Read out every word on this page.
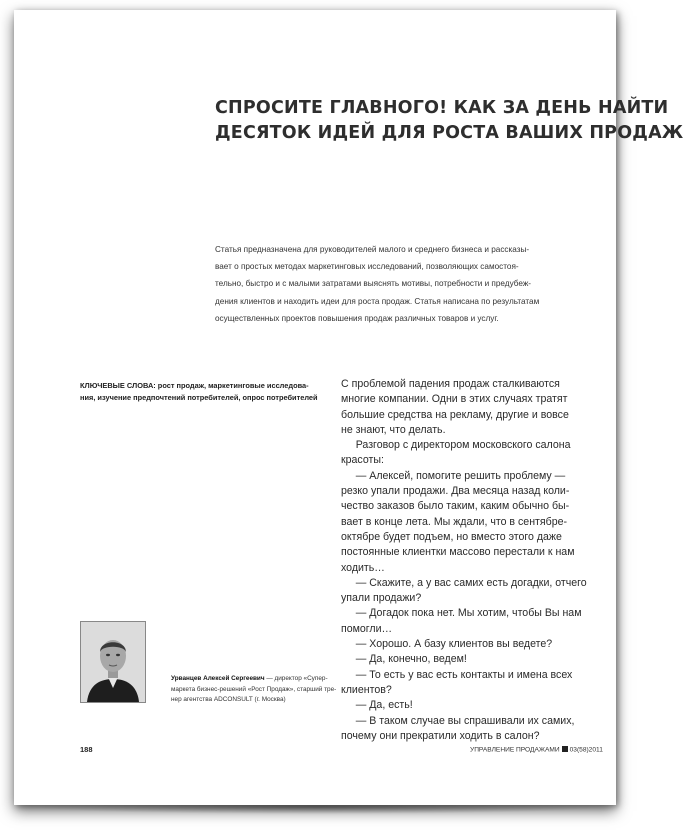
СПРОСИТЕ ГЛАВНОГО! КАК ЗА ДЕНЬ НАЙТИ
ДЕСЯТОК ИДЕЙ ДЛЯ РОСТА ВАШИХ ПРОДАЖ
Статья предназначена для руководителей малого и среднего бизнеса и рассказы-
вает о простых методах маркетинговых исследований, позволяющих самостоя-
тельно, быстро и с малыми затратами выяснять мотивы, потребности и предубеж-
дения клиентов и находить идеи для роста продаж. Статья написана по результатам
осуществленных проектов повышения продаж различных товаров и услуг.
КЛЮЧЕВЫЕ СЛОВА: рост продаж, маркетинговые исследова-
ния, изучение предпочтений потребителей, опрос потребителей
Урванцев Алексей Сергеевич — директор «Супер-
маркета бизнес-решений «Рост Продаж», старший тре-
нер агентства ADCONSULT (г. Москва)
С проблемой падения продаж сталкиваются
многие компании. Одни в этих случаях тратят
большие средства на рекламу, другие и вовсе
не знают, что делать.
Разговор с директором московского салона
красоты:
— Алексей, помогите решить проблему —
резко упали продажи. Два месяца назад коли-
чество заказов было таким, каким обычно бы-
вает в конце лета. Мы ждали, что в сентябре-
октябре будет подъем, но вместо этого даже
постоянные клиентки массово перестали к нам
ходить…
— Скажите, а у вас самих есть догадки, отчего
упали продажи?
— Догадок пока нет. Мы хотим, чтобы Вы нам
помогли…
— Хорошо. А базу клиентов вы ведете?
— Да, конечно, ведем!
— То есть у вас есть контакты и имена всех
клиентов?
— Да, есть!
— В таком случае вы спрашивали их самих,
почему они прекратили ходить в салон?
188	УПРАВЛЕНИЕ ПРОДАЖАМИ 03(58)2011
